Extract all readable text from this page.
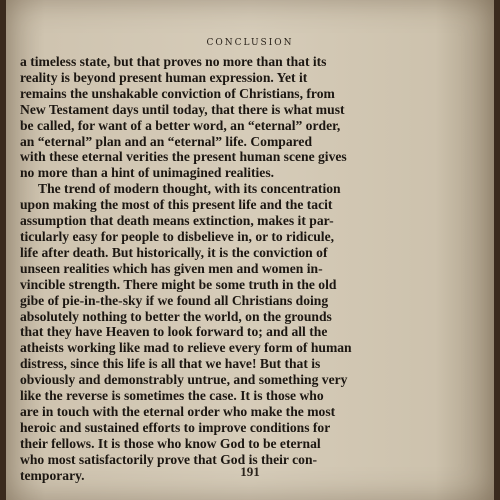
CONCLUSION

a timeless state, but that proves no more than that its
reality is beyond present human expression. Yet it
remains the unshakable conviction of Christians, from
New Testament days until today, that there is what must
be called, for want of a better word, an “eternal” order,
an “eternal” plan and an “eternal” life. Compared
with these eternal verities the present human scene gives
no more than a hint of unimagined realities.

The trend of modern thought, with its concentration
upon making the most of this present life and the tacit
assumption that death means extinction, makes it par-
ticularly easy for people to disbelieve in, or to ridicule,
life after death. But historically, it is the conviction of
unseen realities which has given men and women in-
vincible strength. There might be some truth in the old
gibe of pie-in-the-sky if we found all Christians doing
absolutely nothing to better the world, on the grounds
that they have Heaven to look forward to; and all the
atheists working like mad to relieve every form of human
distress, since this life is all that we have! But that is
obviously and demonstrably untrue, and something very
like the reverse is sometimes the case. It is those who
are in touch with the eternal order who make the most
heroic and sustained efforts to improve conditions for
their fellows. It is those who know God to be eternal
who most satisfactorily prove that God is their con-
temporary.	191
